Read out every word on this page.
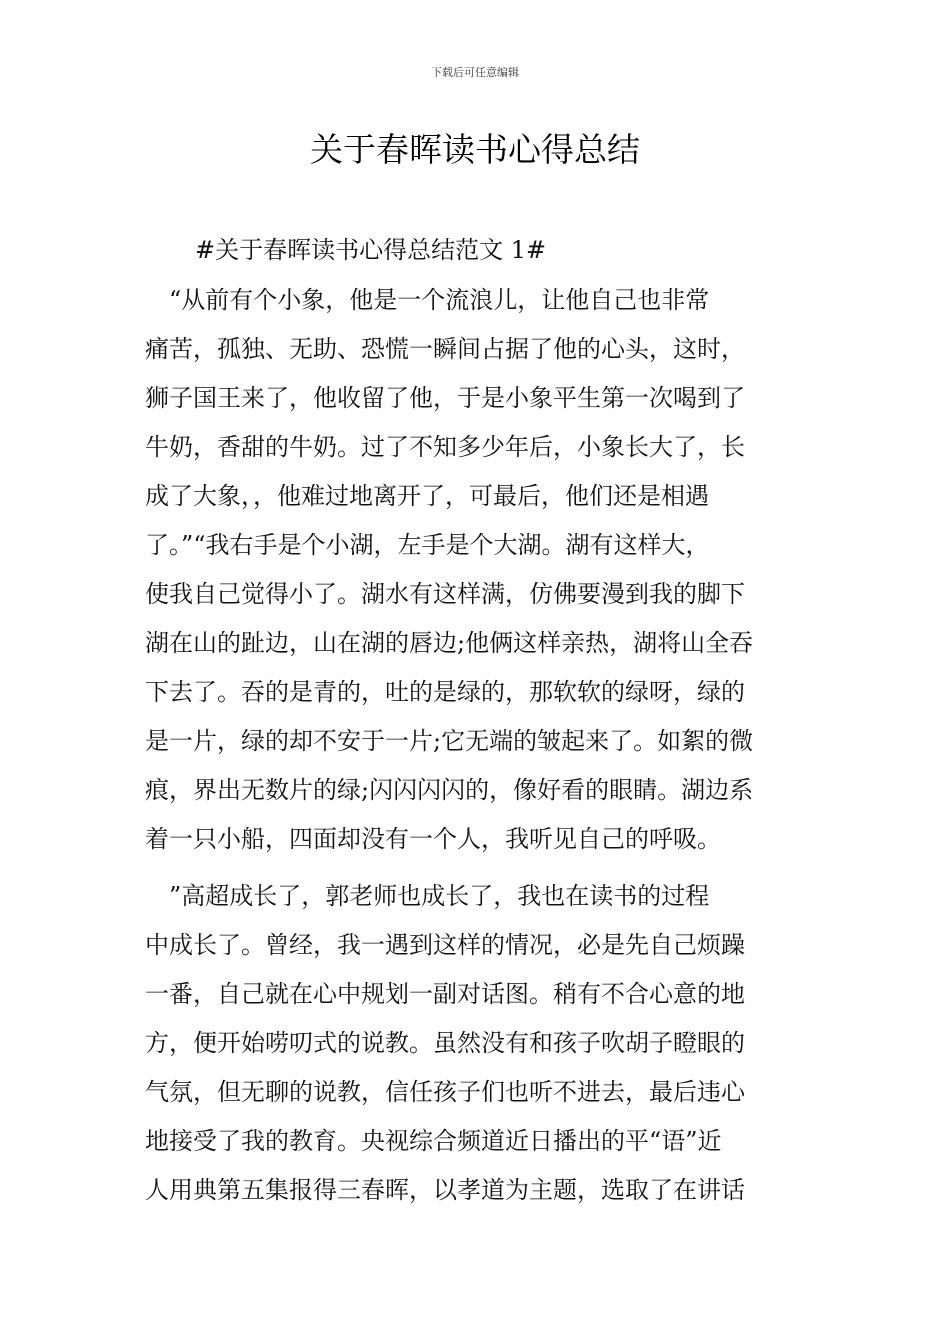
下载后可任意编辑
关于春晖读书心得总结
#关于春晖读书心得总结范文 1#
　“从前有个小象，他是一个流浪儿，让他自己也非常
痛苦，孤独、无助、恐慌一瞬间占据了他的心头，这时，
狮子国王来了，他收留了他，于是小象平生第一次喝到了
牛奶，香甜的牛奶。过了不知多少年后，小象长大了，长
成了大象，，他难过地离开了，可最后，他们还是相遇
了。”“我右手是个小湖，左手是个大湖。湖有这样大，
使我自己觉得小了。湖水有这样满，仿佛要漫到我的脚下
湖在山的趾边，山在湖的唇边;他俩这样亲热，湖将山全吞
下去了。吞的是青的，吐的是绿的，那软软的绿呀，绿的
是一片，绿的却不安于一片;它无端的皱起来了。如絮的微
痕，界出无数片的绿;闪闪闪闪的，像好看的眼睛。湖边系
着一只小船，四面却没有一个人，我听见自己的呼吸。
　”高超成长了，郭老师也成长了，我也在读书的过程
中成长了。曾经，我一遇到这样的情况，必是先自己烦躁
一番，自己就在心中规划一副对话图。稍有不合心意的地
方，便开始唠叨式的说教。虽然没有和孩子吹胡子瞪眼的
气氛，但无聊的说教，信任孩子们也听不进去，最后违心
地接受了我的教育。央视综合频道近日播出的平“语”近
人用典第五集报得三春晖，以孝道为主题，选取了在讲话
